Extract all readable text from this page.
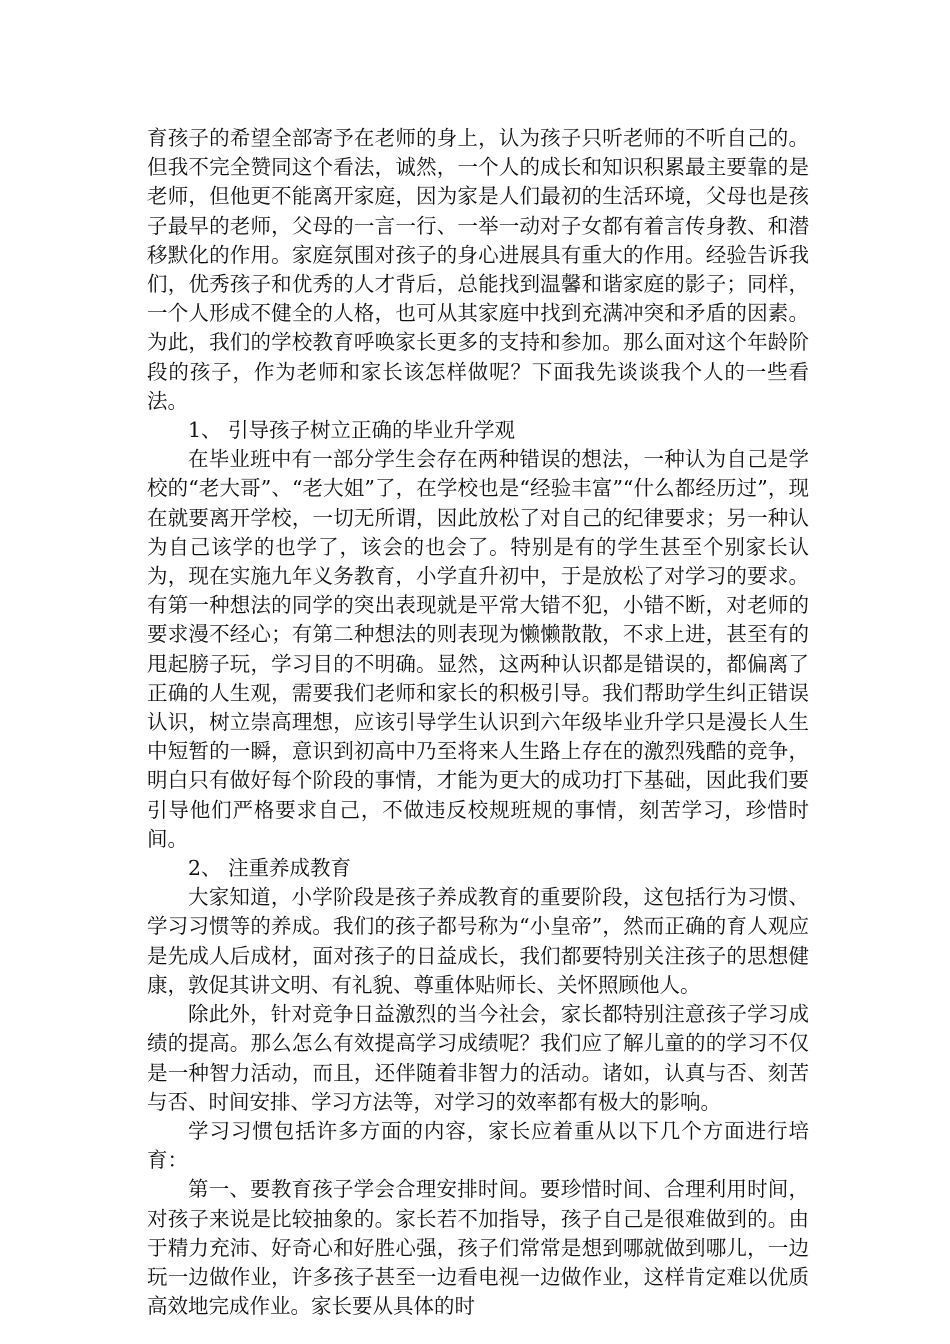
育孩子的希望全部寄予在老师的身上，认为孩子只听老师的不听自己的。但我不完全赞同这个看法，诚然，一个人的成长和知识积累最主要靠的是老师，但他更不能离开家庭，因为家是人们最初的生活环境，父母也是孩子最早的老师，父母的一言一行、一举一动对子女都有着言传身教、和潜移默化的作用。家庭氛围对孩子的身心进展具有重大的作用。经验告诉我们，优秀孩子和优秀的人才背后，总能找到温馨和谐家庭的影子；同样，一个人形成不健全的人格，也可从其家庭中找到充满冲突和矛盾的因素。为此，我们的学校教育呼唤家长更多的支持和参加。那么面对这个年龄阶段的孩子，作为老师和家长该怎样做呢？下面我先谈谈我个人的一些看法。

1、 引导孩子树立正确的毕业升学观

在毕业班中有一部分学生会存在两种错误的想法，一种认为自己是学校的“老大哥”、“老大姐”了，在学校也是“经验丰富”“什么都经历过”，现在就要离开学校，一切无所谓，因此放松了对自己的纪律要求；另一种认为自己该学的也学了，该会的也会了。特别是有的学生甚至个别家长认为，现在实施九年义务教育，小学直升初中，于是放松了对学习的要求。有第一种想法的同学的突出表现就是平常大错不犯，小错不断，对老师的要求漫不经心；有第二种想法的则表现为懒懒散散，不求上进，甚至有的甩起膀子玩，学习目的不明确。显然，这两种认识都是错误的，都偏离了正确的人生观，需要我们老师和家长的积极引导。我们帮助学生纠正错误认识，树立崇高理想，应该引导学生认识到六年级毕业升学只是漫长人生中短暂的一瞬，意识到初高中乃至将来人生路上存在的激烈残酷的竞争，明白只有做好每个阶段的事情，才能为更大的成功打下基础，因此我们要引导他们严格要求自己，不做违反校规班规的事情，刻苦学习，珍惜时间。

2、 注重养成教育

大家知道，小学阶段是孩子养成教育的重要阶段，这包括行为习惯、学习习惯等的养成。我们的孩子都号称为“小皇帝”，然而正确的育人观应是先成人后成材，面对孩子的日益成长，我们都要特别关注孩子的思想健康，敦促其讲文明、有礼貌、尊重体贴师长、关怀照顾他人。

除此外，针对竞争日益激烈的当今社会，家长都特别注意孩子学习成绩的提高。那么怎么有效提高学习成绩呢？我们应了解儿童的的学习不仅是一种智力活动，而且，还伴随着非智力的活动。诸如，认真与否、刻苦与否、时间安排、学习方法等，对学习的效率都有极大的影响。

学习习惯包括许多方面的内容，家长应着重从以下几个方面进行培育：

第一、要教育孩子学会合理安排时间。要珍惜时间、合理利用时间，对孩子来说是比较抽象的。家长若不加指导，孩子自己是很难做到的。由于精力充沛、好奇心和好胜心强，孩子们常常是想到哪就做到哪儿，一边玩一边做作业，许多孩子甚至一边看电视一边做作业，这样肯定难以优质高效地完成作业。家长要从具体的时
